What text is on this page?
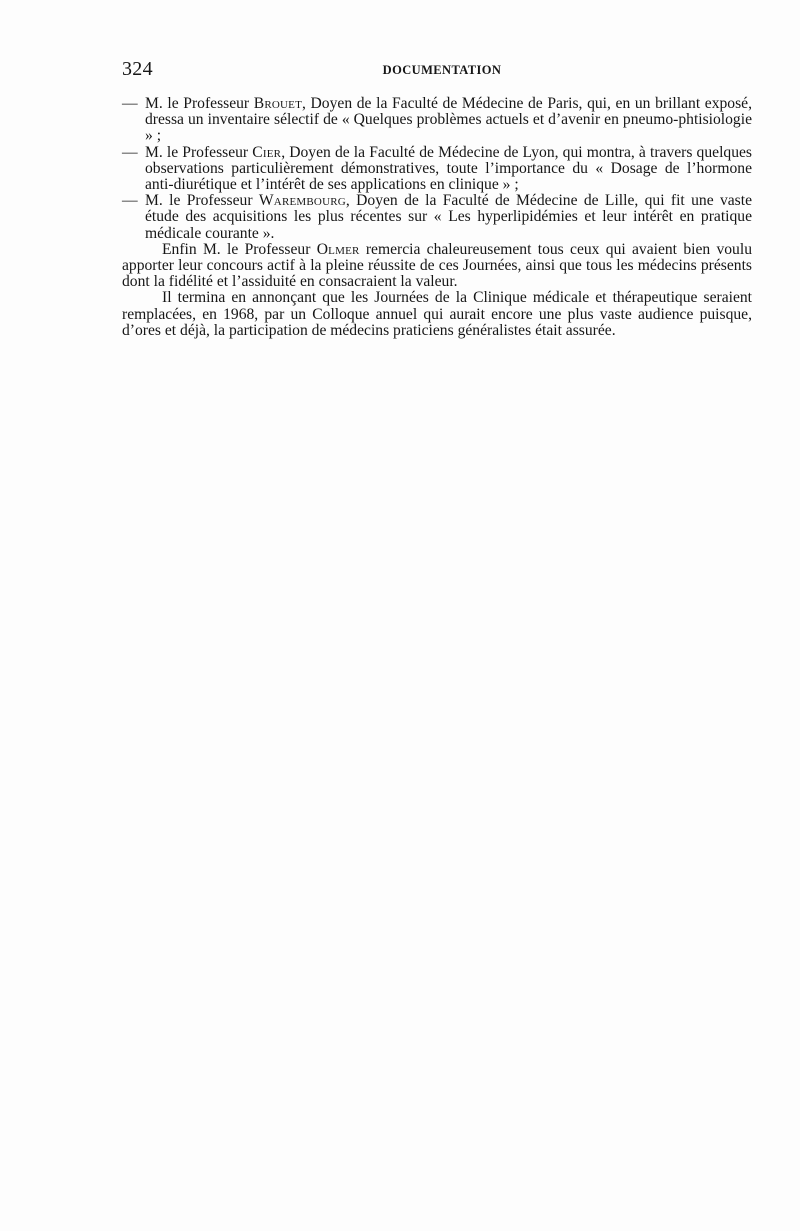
324	DOCUMENTATION
— M. le Professeur Brouet, Doyen de la Faculté de Médecine de Paris, qui, en un brillant exposé, dressa un inventaire sélectif de « Quelques problèmes actuels et d’avenir en pneumo-phtisiologie » ;
— M. le Professeur Cier, Doyen de la Faculté de Médecine de Lyon, qui montra, à travers quelques observations particulièrement démonstratives, toute l’importance du « Dosage de l’hormone anti-diurétique et l’intérêt de ses applications en clinique » ;
— M. le Professeur Warembourg, Doyen de la Faculté de Médecine de Lille, qui fit une vaste étude des acquisitions les plus récentes sur « Les hyperlipidémies et leur intérêt en pratique médicale courante ».
Enfin M. le Professeur Olmer remercia chaleureusement tous ceux qui avaient bien voulu apporter leur concours actif à la pleine réussite de ces Journées, ainsi que tous les médecins présents dont la fidélité et l’assiduité en consacraient la valeur.
Il termina en annonçant que les Journées de la Clinique médicale et thérapeutique seraient remplacées, en 1968, par un Colloque annuel qui aurait encore une plus vaste audience puisque, d’ores et déjà, la participation de médecins praticiens généralistes était assurée.
